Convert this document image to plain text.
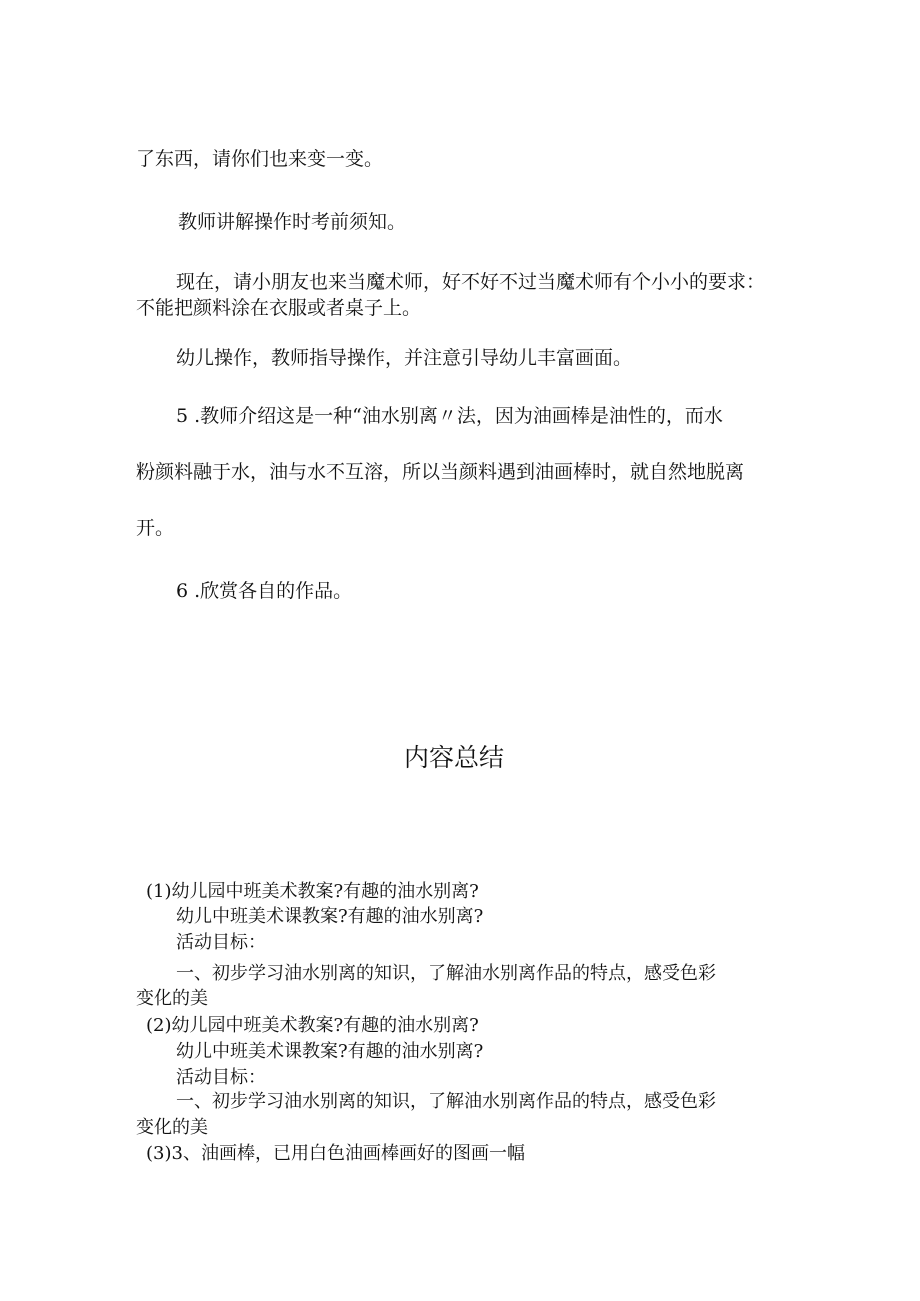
了东西，请你们也来变一变。

教师讲解操作时考前须知。

现在，请小朋友也来当魔术师，好不好不过当魔术师有个小小的要求：

不能把颜料涂在衣服或者桌子上。

幼儿操作，教师指导操作，并注意引导幼儿丰富画面。

5 .教师介绍这是一种“油水别离〃法，因为油画棒是油性的，而水

粉颜料融于水，油与水不互溶，所以当颜料遇到油画棒时，就自然地脱离

开。

6 .欣赏各自的作品。

内容总结
(1)幼儿园中班美术教案?有趣的油水别离?
幼儿中班美术课教案?有趣的油水别离?
活动目标：
一、初步学习油水别离的知识，了解油水别离作品的特点，感受色彩
变化的美
(2)幼儿园中班美术教案?有趣的油水别离?
幼儿中班美术课教案?有趣的油水别离?
活动目标：
一、初步学习油水别离的知识，了解油水别离作品的特点，感受色彩
变化的美
(3)3、油画棒，已用白色油画棒画好的图画一幅
